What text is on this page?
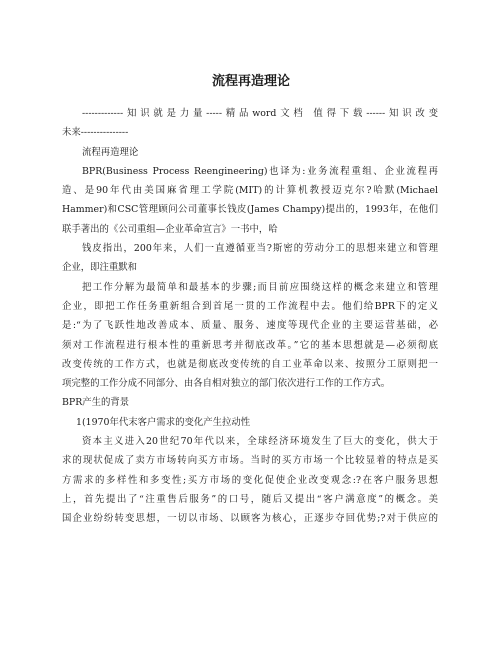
流程再造理论
-------------知识就是力量-----精品word文档 值得下载------知识改变
未来---------------
流程再造理论
BPR(Business Process Reengineering)也译为:业务流程重组、企业流程再
造、是90年代由美国麻省理工学院(MIT)的计算机教授迈克尔?哈默(Michael
Hammer)和CSC管理顾问公司董事长钱皮(James Champy)提出的，1993年，在他们
联手著出的《公司重组—企业革命宣言》一书中，哈
钱皮指出，200年来，人们一直遵循亚当?斯密的劳动分工的思想来建立和管理
企业，即注重默和
把工作分解为最简单和最基本的步骤;而目前应围绕这样的概念来建立和管理
企业，即把工作任务重新组合到首尾一贯的工作流程中去。他们给BPR下的定义
是:“为了飞跃性地改善成本、质量、服务、速度等现代企业的主要运营基础，必
须对工作流程进行根本性的重新思考并彻底改革。”它的基本思想就是—必须彻底
改变传统的工作方式，也就是彻底改变传统的自工业革命以来、按照分工原则把一
项完整的工作分成不同部分、由各自相对独立的部门依次进行工作的工作方式。
BPR产生的背景
1(1970年代末客户需求的变化产生拉动性
资本主义进入20世纪70年代以来，全球经济环境发生了巨大的变化，供大于
求的现状促成了卖方市场转向买方市场。当时的买方市场一个比较显着的特点是买
方需求的多样性和多变性;买方市场的变化促使企业改变观念:?在客户服务思想
上，首先提出了“注重售后服务”的口号，随后又提出“客户满意度”的概念。美
国企业纷纷转变思想，一切以市场、以顾客为核心，正逐步夺回优势;?对于供应的
